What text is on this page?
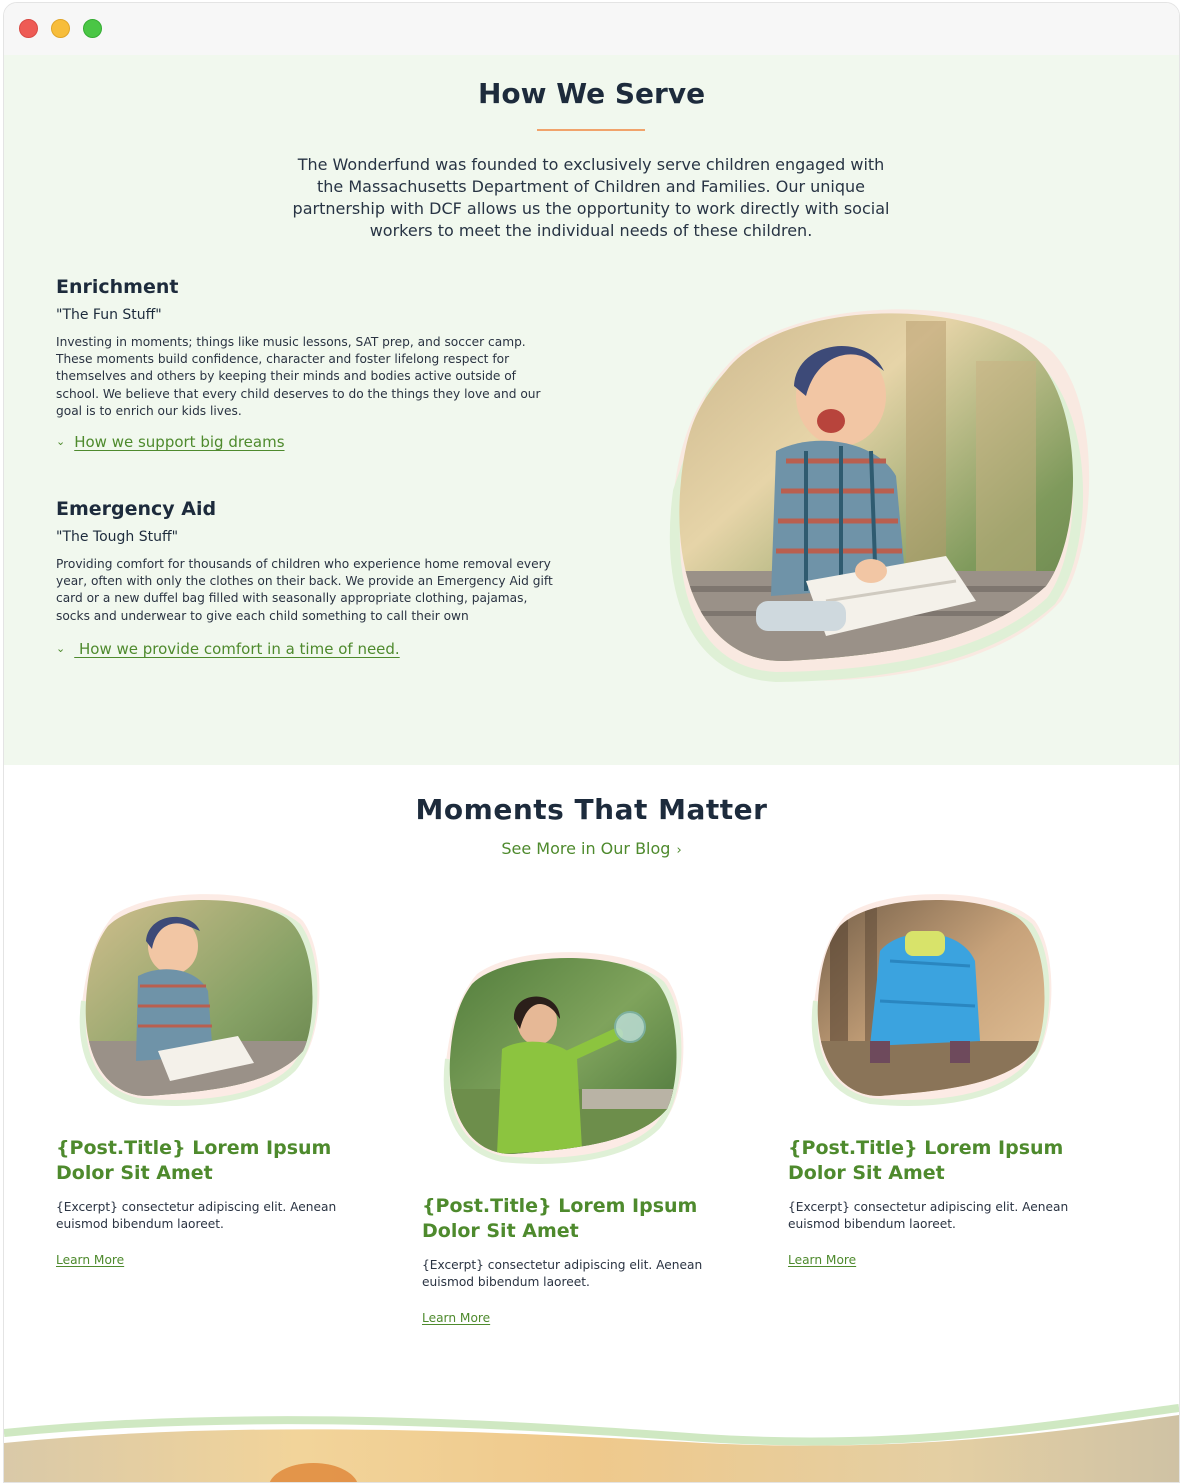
How We Serve

The Wonderfund was founded to exclusively serve children engaged with the Massachusetts Department of Children and Families. Our unique partnership with DCF allows us the opportunity to work directly with social workers to meet the individual needs of these children.

Enrichment
"The Fun Stuff"

Investing in moments; things like music lessons, SAT prep, and soccer camp. These moments build confidence, character and foster lifelong respect for themselves and others by keeping their minds and bodies active outside of school. We believe that every child deserves to do the things they love and our goal is to enrich our kids lives.

⌄ How we support big dreams
Emergency Aid
"The Tough Stuff"

Providing comfort for thousands of children who experience home removal every year, often with only the clothes on their back. We provide an Emergency Aid gift card or a new duffel bag filled with seasonally appropriate clothing, pajamas, socks and underwear to give each child something to call their own

⌄ How we provide comfort in a time of need.
Moments That Matter
See More in Our Blog ›
{Post.Title} Lorem Ipsum Dolor Sit Amet

{Excerpt} consectetur adipiscing elit. Aenean euismod bibendum laoreet.

Learn More
{Post.Title} Lorem Ipsum Dolor Sit Amet

{Excerpt} consectetur adipiscing elit. Aenean euismod bibendum laoreet.

Learn More
{Post.Title} Lorem Ipsum Dolor Sit Amet

{Excerpt} consectetur adipiscing elit. Aenean euismod bibendum laoreet.

Learn More
